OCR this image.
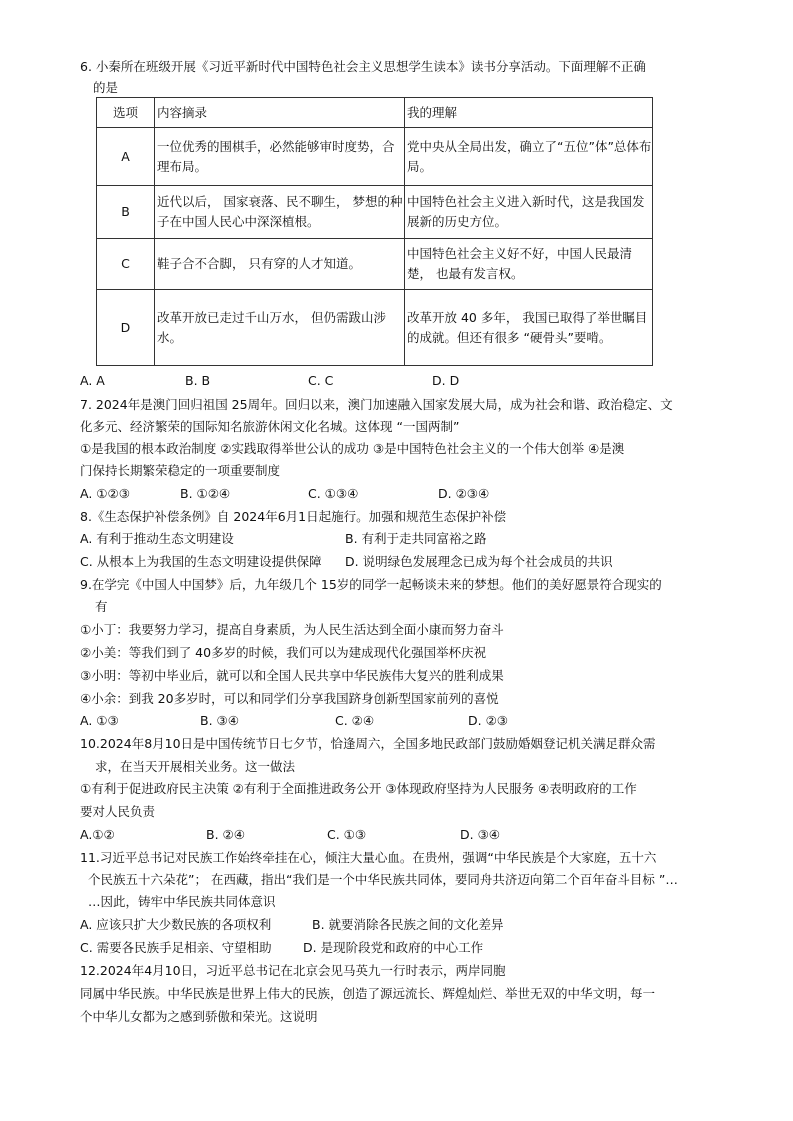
6. 小秦所在班级开展《习近平新时代中国特色社会主义思想学生读本》读书分享活动。下面理解不正确
的是
选项	内容摘录	我的理解
A	一位优秀的围棋手，必然能够审时度势，合理布局。	党中央从全局出发，确立了“五位”体”总体布局。
B	近代以后， 国家衰落、民不聊生， 梦想的种子在中国人民心中深深植根。	中国特色社会主义进入新时代，这是我国发展新的历史方位。
C	鞋子合不合脚， 只有穿的人才知道。	中国特色社会主义好不好，中国人民最清楚， 也最有发言权。
D	改革开放已走过千山万水， 但仍需跋山涉水。	改革开放 40 多年， 我国已取得了举世瞩目的成就。但还有很多 “硬骨头”要啃。
A. A	B. B	C. C	D. D
7. 2024年是澳门回归祖国 25周年。回归以来，澳门加速融入国家发展大局，成为社会和谐、政治稳定、文
化多元、经济繁荣的国际知名旅游休闲文化名城。这体现 “一国两制”
①是我国的根本政治制度 ②实践取得举世公认的成功 ③是中国特色社会主义的一个伟大创举 ④是澳
门保持长期繁荣稳定的一项重要制度
A. ①②③	B. ①②④	C. ①③④	D. ②③④
8.《生态保护补偿条例》自 2024年6月1日起施行。加强和规范生态保护补偿
A. 有利于推动生态文明建设	B. 有利于走共同富裕之路
C. 从根本上为我国的生态文明建设提供保障 D. 说明绿色发展理念已成为每个社会成员的共识
9.在学完《中国人中国梦》后，九年级几个 15岁的同学一起畅谈未来的梦想。他们的美好愿景符合现实的
有
①小丁：我要努力学习，提高自身素质，为人民生活达到全面小康而努力奋斗
②小美：等我们到了 40多岁的时候，我们可以为建成现代化强国举杯庆祝
③小明：等初中毕业后，就可以和全国人民共享中华民族伟大复兴的胜利成果
④小余：到我 20多岁时，可以和同学们分享我国跻身创新型国家前列的喜悦
A. ①③	B. ③④	C. ②④	D. ②③
10.2024年8月10日是中国传统节日七夕节，恰逢周六，全国多地民政部门鼓励婚姻登记机关满足群众需
求，在当天开展相关业务。这一做法
①有利于促进政府民主决策 ②有利于全面推进政务公开 ③体现政府坚持为人民服务 ④表明政府的工作
要对人民负责
A.①②	B. ②④	C. ①③	D. ③④
11.习近平总书记对民族工作始终牵挂在心，倾注大量心血。在贵州，强调“中华民族是个大家庭，五十六
个民族五十六朵花”； 在西藏，指出“我们是一个中华民族共同体，要同舟共济迈向第二个百年奋斗目标 ”…
…因此，铸牢中华民族共同体意识
A. 应该只扩大少数民族的各项权利	B. 就要消除各民族之间的文化差异
C. 需要各民族手足相亲、守望相助	D. 是现阶段党和政府的中心工作
12.2024年4月10日，习近平总书记在北京会见马英九一行时表示，两岸同胞
同属中华民族。中华民族是世界上伟大的民族，创造了源远流长、辉煌灿烂、举世无双的中华文明，每一
个中华儿女都为之感到骄傲和荣光。这说明
